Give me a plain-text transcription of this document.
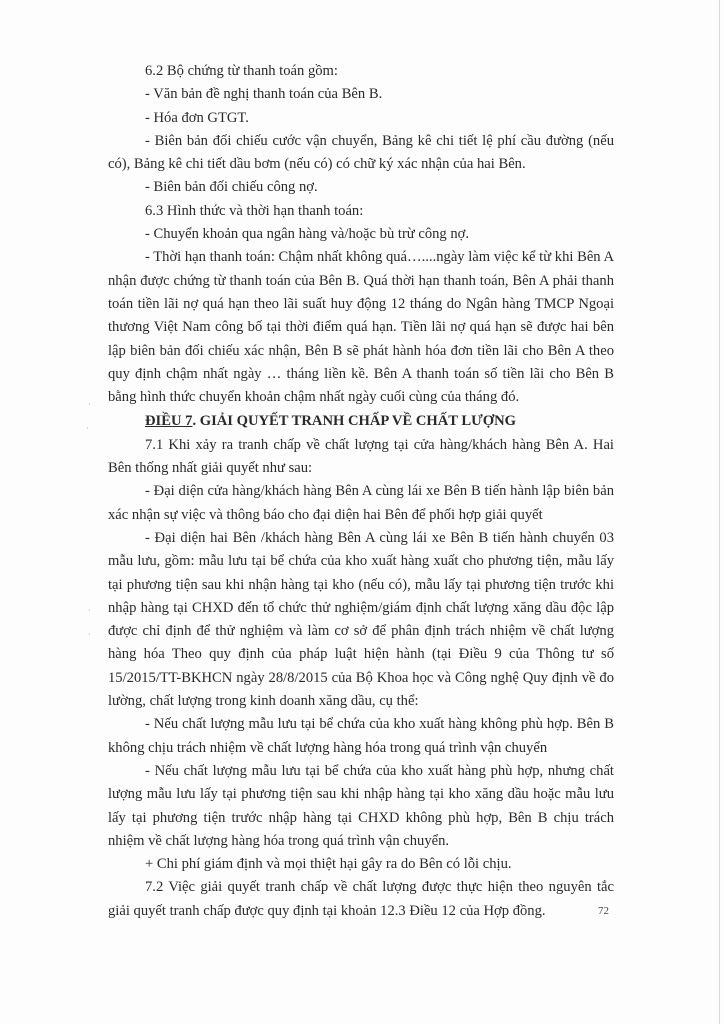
·
·
·
·

6.2 Bộ chứng từ thanh toán gồm:

- Văn bản đề nghị thanh toán của Bên B.

- Hóa đơn GTGT.

- Biên bản đối chiếu cước vận chuyển, Bảng kê chi tiết lệ phí cầu đường (nếu có), Bảng kê chi tiết dầu bơm (nếu có) có chữ ký xác nhận của hai Bên.

- Biên bản đối chiếu công nợ.

6.3 Hình thức và thời hạn thanh toán:

- Chuyển khoản qua ngân hàng và/hoặc bù trừ công nợ.

- Thời hạn thanh toán: Chậm nhất không quá…....ngày làm việc kể từ khi Bên A nhận được chứng từ thanh toán của Bên B. Quá thời hạn thanh toán, Bên A phải thanh toán tiền lãi nợ quá hạn theo lãi suất huy động 12 tháng do Ngân hàng TMCP Ngoại thương Việt Nam công bố tại thời điểm quá hạn. Tiền lãi nợ quá hạn sẽ được hai bên lập biên bản đối chiếu xác nhận, Bên B sẽ phát hành hóa đơn tiền lãi cho Bên A theo quy định chậm nhất ngày … tháng liền kề. Bên A thanh toán số tiền lãi cho Bên B bằng hình thức chuyển khoản chậm nhất ngày cuối cùng của tháng đó.

ĐIỀU 7. GIẢI QUYẾT TRANH CHẤP VỀ CHẤT LƯỢNG

7.1 Khi xảy ra tranh chấp về chất lượng tại cửa hàng/khách hàng Bên A. Hai Bên thống nhất giải quyết như sau:

- Đại diện cửa hàng/khách hàng Bên A cùng lái xe Bên B tiến hành lập biên bản xác nhận sự việc và thông báo cho đại diện hai Bên để phối hợp giải quyết

- Đại diện hai Bên /khách hàng Bên A cùng lái xe Bên B tiến hành chuyển 03 mẫu lưu, gồm: mẫu lưu tại bể chứa của kho xuất hàng xuất cho phương tiện, mẫu lấy tại phương tiện sau khi nhận hàng tại kho (nếu có), mẫu lấy tại phương tiện trước khi nhập hàng tại CHXD đến tổ chức thử nghiệm/giám định chất lượng xăng dầu độc lập được chỉ định để thử nghiệm và làm cơ sở để phân định trách nhiệm về chất lượng hàng hóa Theo quy định của pháp luật hiện hành (tại Điều 9 của Thông tư số 15/2015/TT-BKHCN ngày 28/8/2015 của Bộ Khoa học và Công nghệ Quy định về đo lường, chất lượng trong kinh doanh xăng dầu, cụ thể:

- Nếu chất lượng mẫu lưu tại bể chứa của kho xuất hàng không phù hợp. Bên B không chịu trách nhiệm về chất lượng hàng hóa trong quá trình vận chuyển

- Nếu chất lượng mẫu lưu tại bể chứa của kho xuất hàng phù hợp, nhưng chất lượng mẫu lưu lấy tại phương tiện sau khi nhập hàng tại kho xăng dầu hoặc mẫu lưu lấy tại phương tiện trước nhập hàng tại CHXD không phù hợp, Bên B chịu trách nhiệm về chất lượng hàng hóa trong quá trình vận chuyển.

+ Chi phí giám định và mọi thiệt hại gây ra do Bên có lỗi chịu.

7.2 Việc giải quyết tranh chấp về chất lượng được thực hiện theo nguyên tắc giải quyết tranh chấp được quy định tại khoản 12.3 Điều 12 của Hợp đồng.	72
